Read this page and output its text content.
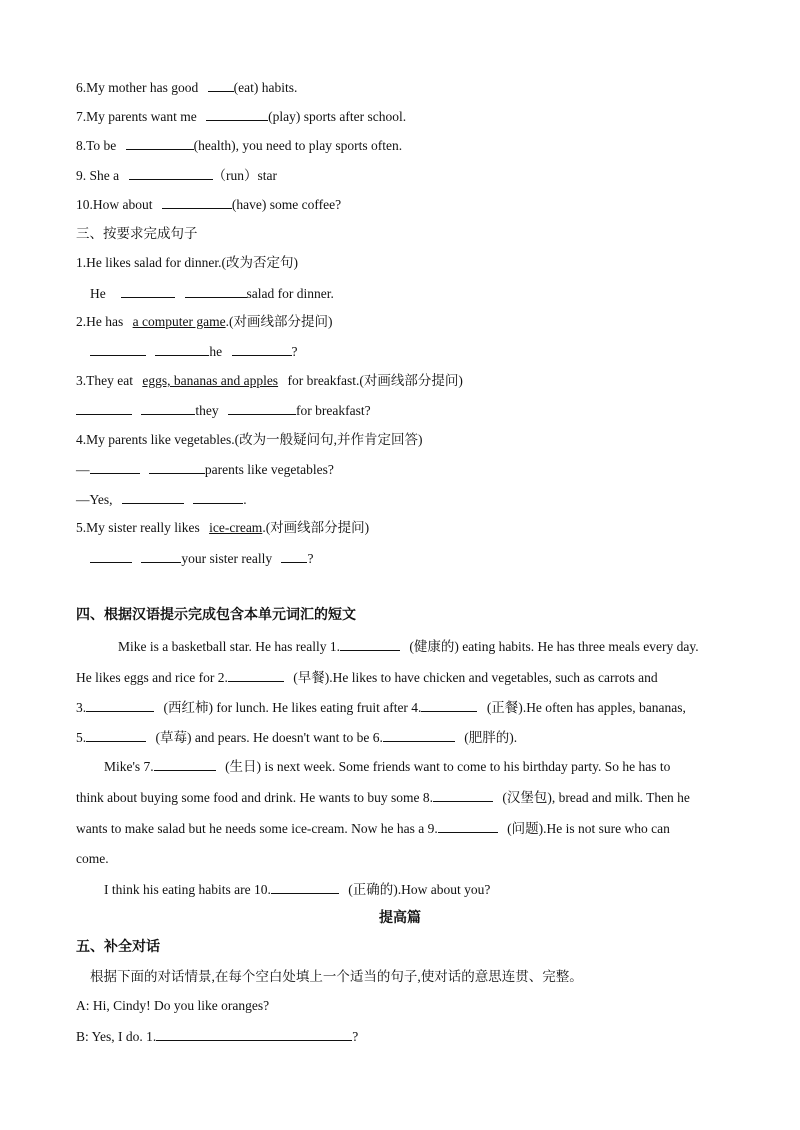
6.My mother has good	(eat) habits.
7.My parents want me	(play) sports after school.
8.To be	(health), you need to play sports often.
9. She a	（run）star
10.How about	(have) some coffee?
三、按要求完成句子
1.He likes salad for dinner.(改为否定句)
He	salad for dinner.
2.He has a computer game.(对画线部分提问)
he	?
3.They eat eggs, bananas and apples for breakfast.(对画线部分提问)
they	for breakfast?
4.My parents like vegetables.(改为一般疑问句,并作肯定回答)
—	parents like vegetables?
—Yes,	.
5.My sister really likes ice-cream.(对画线部分提问)
your sister really	?
四、根据汉语提示完成包含本单元词汇的短文
Mike is a basketball star. He has really 1.	(健康的) eating habits. He has three meals every day.
He likes eggs and rice for 2.	(早餐).He likes to have chicken and vegetables, such as carrots and
3.	(西红柿) for lunch. He likes eating fruit after 4.	(正餐).He often has apples, bananas,
5.	(草莓) and pears. He doesn't want to be 6.	(肥胖的).
Mike's 7.	(生日) is next week. Some friends want to come to his birthday party. So he has to
think about buying some food and drink. He wants to buy some 8.	(汉堡包), bread and milk. Then he
wants to make salad but he needs some ice-cream. Now he has a 9.	(问题).He is not sure who can
come.
I think his eating habits are 10.	(正确的).How about you?
提高篇
五、补全对话
根据下面的对话情景,在每个空白处填上一个适当的句子,使对话的意思连贯、完整。
A: Hi, Cindy! Do you like oranges?
B: Yes, I do. 1.	?
